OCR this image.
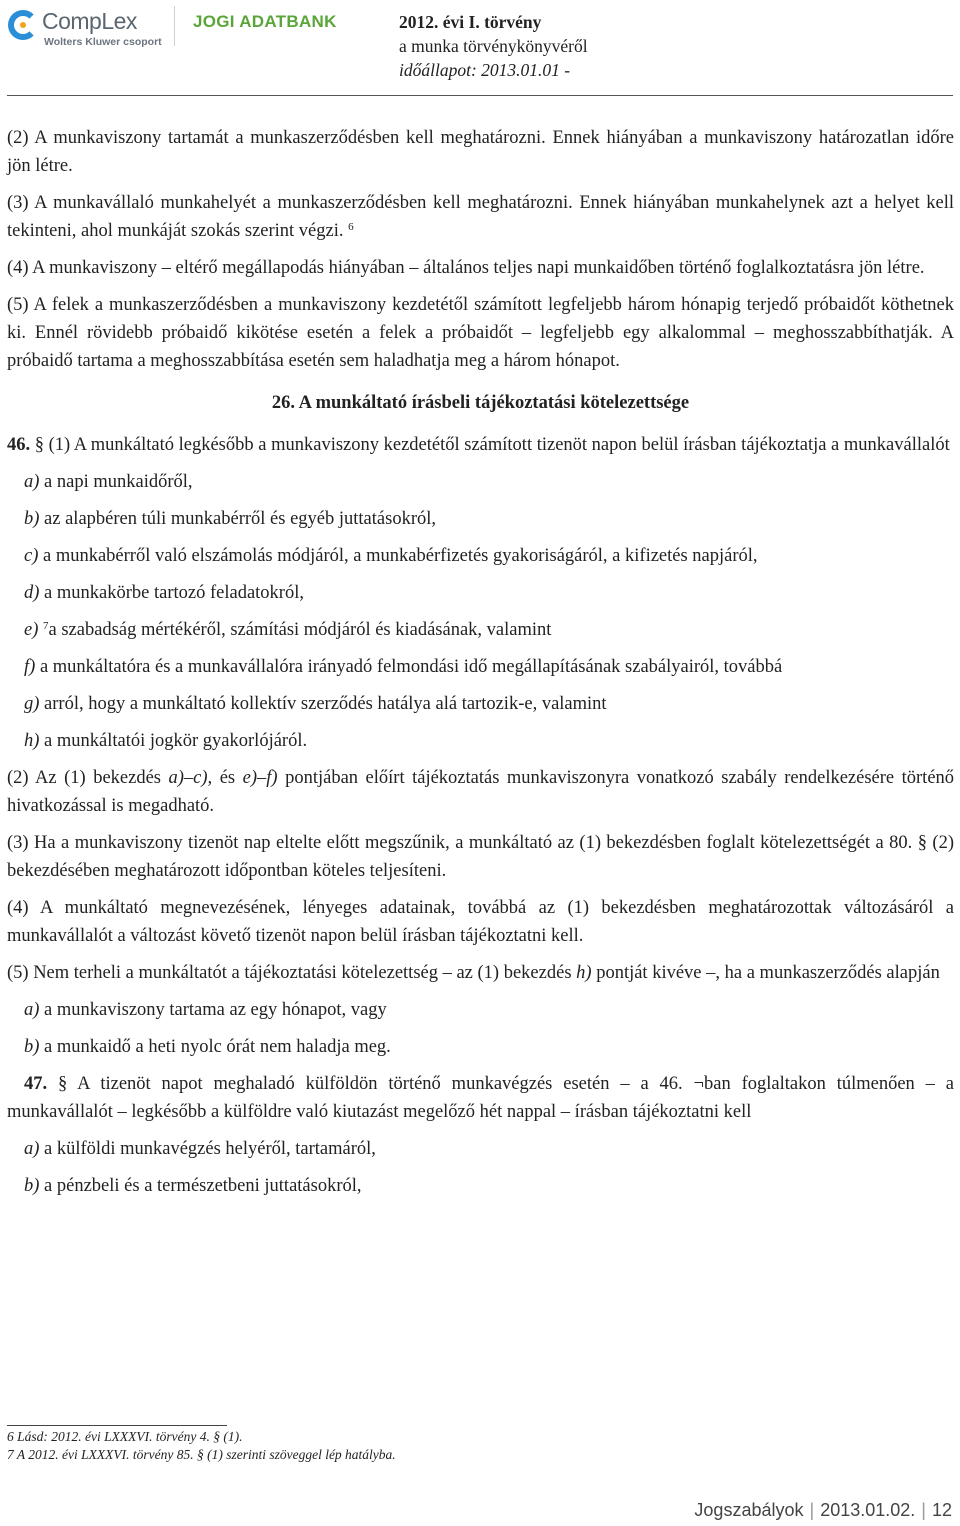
CompLex
Wolters Kluwer csoport
JOGI ADATBANK	2012. évi I. törvény
a munka törvénykönyvéről
időállapot: 2013.01.01 -

(2) A munkaviszony tartamát a munkaszerződésben kell meghatározni. Ennek hiányában a munkaviszony határozatlan időre jön létre.

(3) A munkavállaló munkahelyét a munkaszerződésben kell meghatározni. Ennek hiányában munkahelynek azt a helyet kell tekinteni, ahol munkáját szokás szerint végzi. $^6$

(4) A munkaviszony – eltérő megállapodás hiányában – általános teljes napi munkaidőben történő foglalkoztatásra jön létre.

(5) A felek a munkaszerződésben a munkaviszony kezdetétől számított legfeljebb három hónapig terjedő próbaidőt köthetnek ki. Ennél rövidebb próbaidő kikötése esetén a felek a próbaidőt – legfeljebb egy alkalommal – meghosszabbíthatják. A próbaidő tartama a meghosszabbítása esetén sem haladhatja meg a három hónapot.

26. A munkáltató írásbeli tájékoztatási kötelezettsége

46. § (1) A munkáltató legkésőbb a munkaviszony kezdetétől számított tizenöt napon belül írásban tájékoztatja a munkavállalót

a) a napi munkaidőről,

b) az alapbéren túli munkabérről és egyéb juttatásokról,

c) a munkabérről való elszámolás módjáról, a munkabérfizetés gyakoriságáról, a kifizetés napjáról,

d) a munkakörbe tartozó feladatokról,

e) $^7$a szabadság mértékéről, számítási módjáról és kiadásának, valamint

f) a munkáltatóra és a munkavállalóra irányadó felmondási idő megállapításának szabályairól, továbbá

g) arról, hogy a munkáltató kollektív szerződés hatálya alá tartozik-e, valamint

h) a munkáltatói jogkör gyakorlójáról.

(2) Az (1) bekezdés a)–c), és e)–f) pontjában előírt tájékoztatás munkaviszonyra vonatkozó szabály rendelkezésére történő hivatkozással is megadható.

(3) Ha a munkaviszony tizenöt nap eltelte előtt megszűnik, a munkáltató az (1) bekezdésben foglalt kötelezettségét a 80. § (2) bekezdésében meghatározott időpontban köteles teljesíteni.

(4) A munkáltató megnevezésének, lényeges adatainak, továbbá az (1) bekezdésben meghatározottak változásáról a munkavállalót a változást követő tizenöt napon belül írásban tájékoztatni kell.

(5) Nem terheli a munkáltatót a tájékoztatási kötelezettség – az (1) bekezdés h) pontját kivéve –, ha a munkaszerződés alapján

a) a munkaviszony tartama az egy hónapot, vagy

b) a munkaidő a heti nyolc órát nem haladja meg.

47. § A tizenöt napot meghaladó külföldön történő munkavégzés esetén – a 46. ¬ban foglaltakon túlmenően – a munkavállalót – legkésőbb a külföldre való kiutazást megelőző hét nappal – írásban tájékoztatni kell

a) a külföldi munkavégzés helyéről, tartamáról,

b) a pénzbeli és a természetbeni juttatásokról,

6 Lásd: 2012. évi LXXXVI. törvény 4. § (1).
7 A 2012. évi LXXXVI. törvény 85. § (1) szerinti szöveggel lép hatályba.
Jogszabályok | 2013.01.02. | 12
